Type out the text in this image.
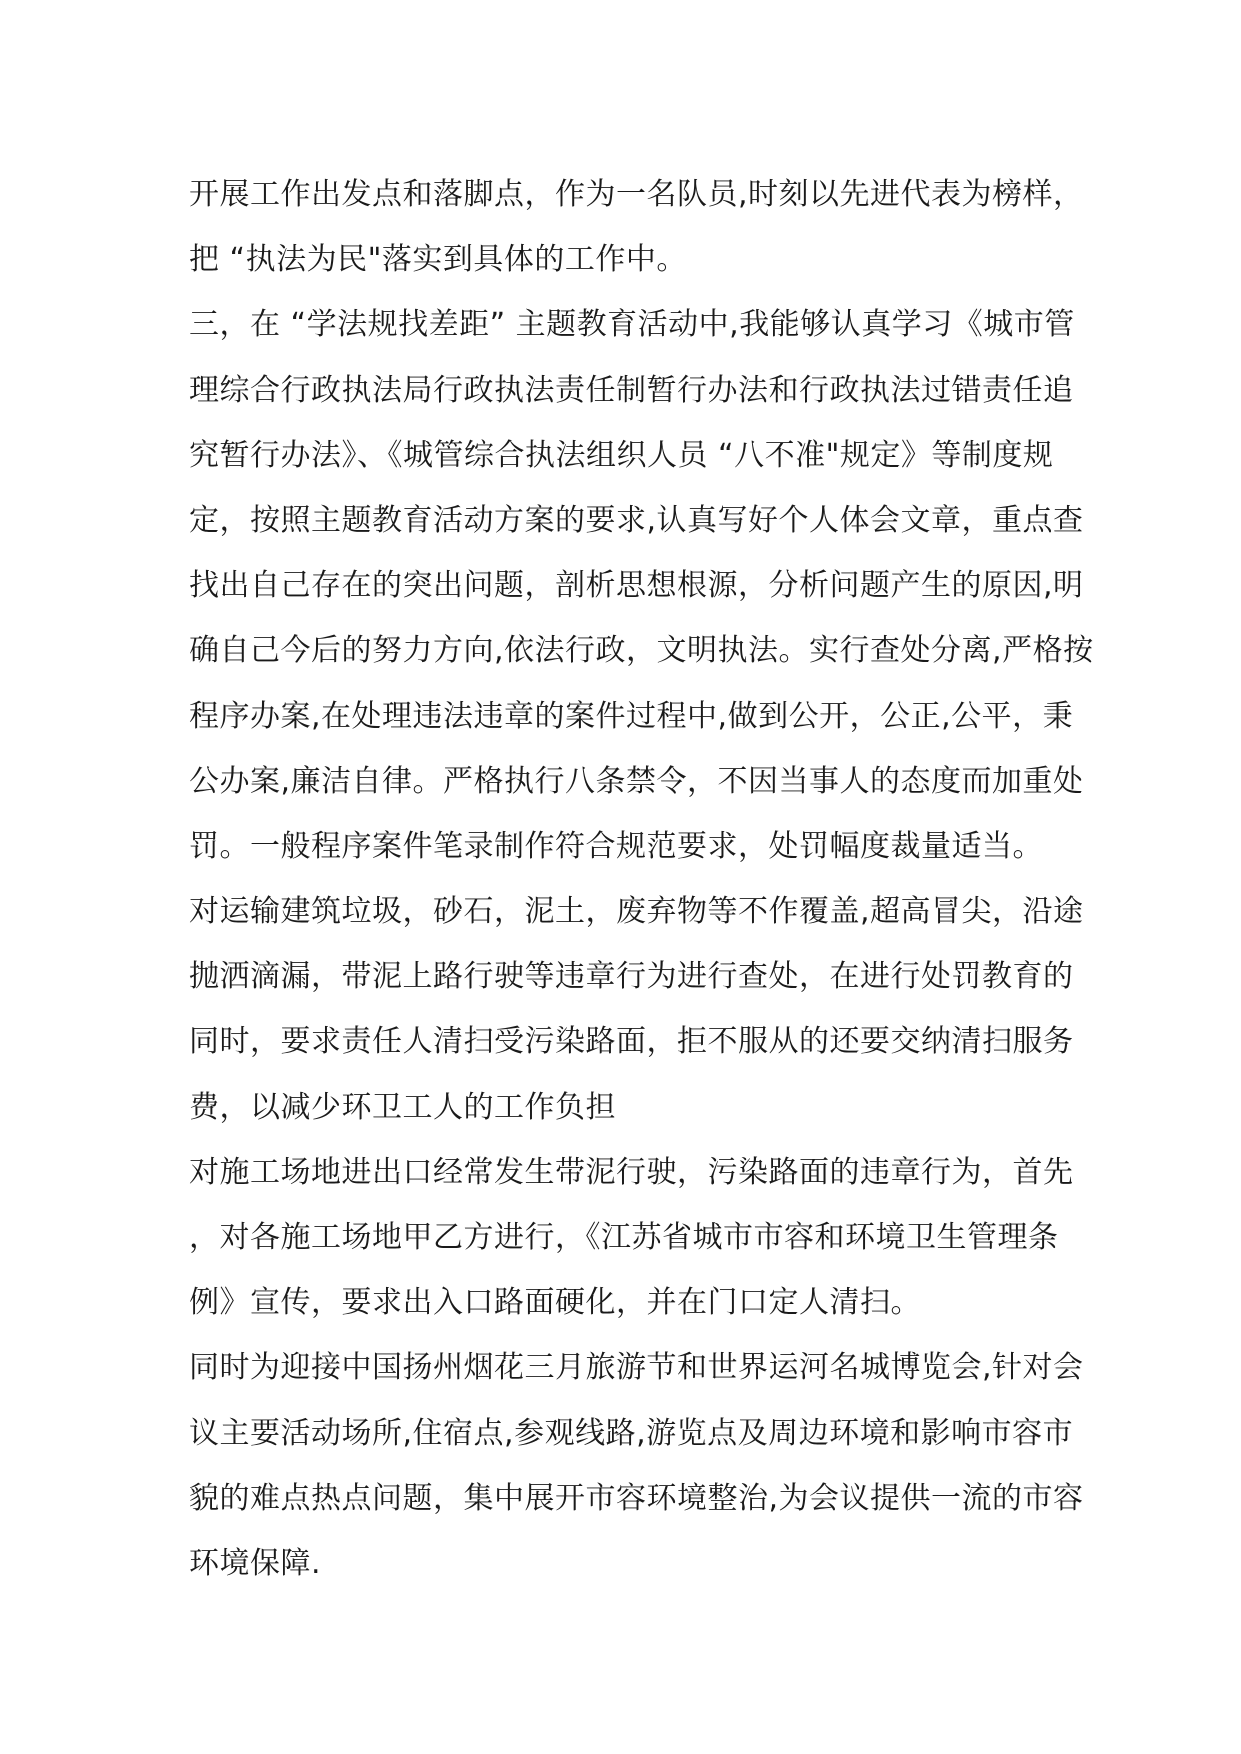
开展工作出发点和落脚点，作为一名队员,时刻以先进代表为榜样，
把 “执法为民"落实到具体的工作中。
三，在 “学法规找差距” 主题教育活动中,我能够认真学习《城市管
理综合行政执法局行政执法责任制暂行办法和行政执法过错责任追
究暂行办法》、《城管综合执法组织人员 “八不准"规定》等制度规
定，按照主题教育活动方案的要求,认真写好个人体会文章，重点查
找出自己存在的突出问题，剖析思想根源，分析问题产生的原因,明
确自己今后的努力方向,依法行政，文明执法。实行查处分离,严格按
程序办案,在处理违法违章的案件过程中,做到公开，公正,公平，秉
公办案,廉洁自律。严格执行八条禁令，不因当事人的态度而加重处
罚。一般程序案件笔录制作符合规范要求，处罚幅度裁量适当。
对运输建筑垃圾，砂石，泥土，废弃物等不作覆盖,超高冒尖，沿途
抛洒滴漏，带泥上路行驶等违章行为进行查处，在进行处罚教育的
同时，要求责任人清扫受污染路面，拒不服从的还要交纳清扫服务
费，以减少环卫工人的工作负担
对施工场地进出口经常发生带泥行驶，污染路面的违章行为，首先
，对各施工场地甲乙方进行，《江苏省城市市容和环境卫生管理条
例》宣传，要求出入口路面硬化，并在门口定人清扫。
同时为迎接中国扬州烟花三月旅游节和世界运河名城博览会,针对会
议主要活动场所,住宿点,参观线路,游览点及周边环境和影响市容市
貌的难点热点问题，集中展开市容环境整治,为会议提供一流的市容
环境保障.
